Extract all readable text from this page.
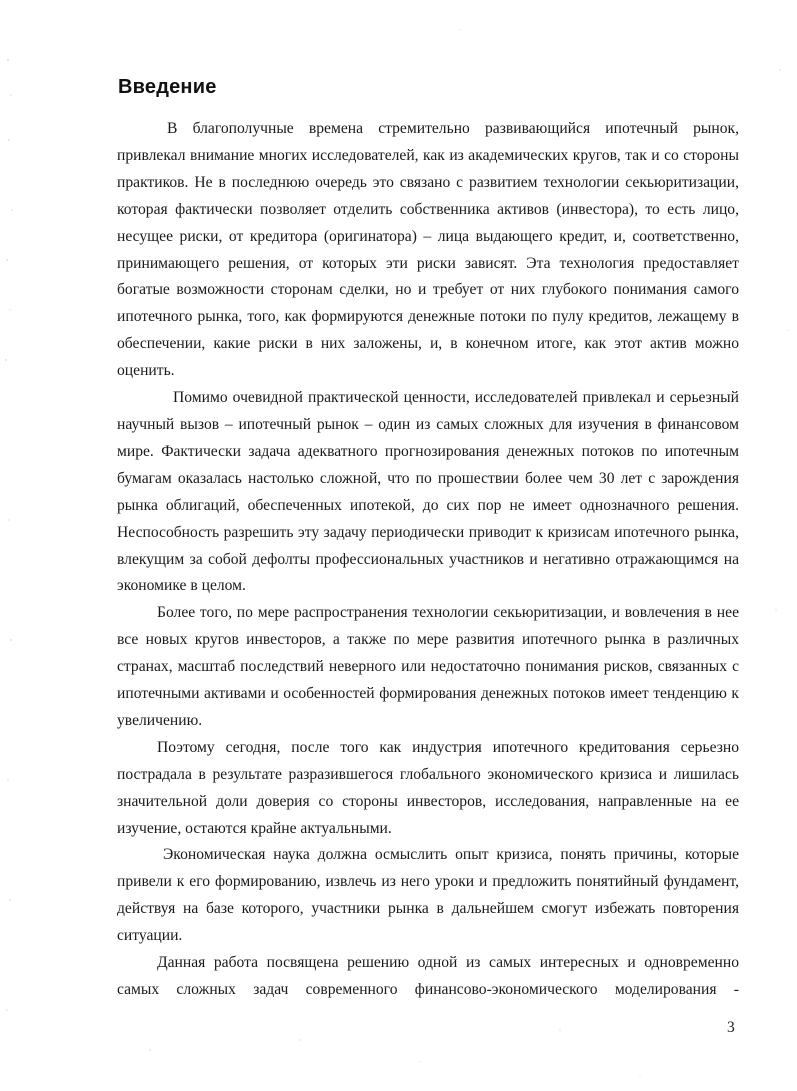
Введение

В благополучные времена стремительно развивающийся ипотечный рынок, привлекал внимание многих исследователей, как из академических кругов, так и со стороны практиков. Не в последнюю очередь это связано с развитием технологии секьюритизации, которая фактически позволяет отделить собственника активов (инвестора), то есть лицо, несущее риски, от кредитора (оригинатора) – лица выдающего кредит, и, соответственно, принимающего решения, от которых эти риски зависят. Эта технология предоставляет богатые возможности сторонам сделки, но и требует от них глубокого понимания самого ипотечного рынка, того, как формируются денежные потоки по пулу кредитов, лежащему в обеспечении, какие риски в них заложены, и, в конечном итоге, как этот актив можно оценить.

Помимо очевидной практической ценности, исследователей привлекал и серьезный научный вызов – ипотечный рынок – один из самых сложных для изучения в финансовом мире. Фактически задача адекватного прогнозирования денежных потоков по ипотечным бумагам оказалась настолько сложной, что по прошествии более чем 30 лет с зарождения рынка облигаций, обеспеченных ипотекой, до сих пор не имеет однозначного решения. Неспособность разрешить эту задачу периодически приводит к кризисам ипотечного рынка, влекущим за собой дефолты профессиональных участников и негативно отражающимся на экономике в целом.

Более того, по мере распространения технологии секьюритизации, и вовлечения в нее все новых кругов инвесторов, а также по мере развития ипотечного рынка в различных странах, масштаб последствий неверного или недостаточно понимания рисков, связанных с ипотечными активами и особенностей формирования денежных потоков имеет тенденцию к увеличению.

Поэтому сегодня, после того как индустрия ипотечного кредитования серьезно пострадала в результате разразившегося глобального экономического кризиса и лишилась значительной доли доверия со стороны инвесторов, исследования, направленные на ее изучение, остаются крайне актуальными.

Экономическая наука должна осмыслить опыт кризиса, понять причины, которые привели к его формированию, извлечь из него уроки и предложить понятийный фундамент, действуя на базе которого, участники рынка в дальнейшем смогут избежать повторения ситуации.

Данная работа посвящена решению одной из самых интересных и одновременно самых сложных задач современного финансово-экономического моделирования -

3
